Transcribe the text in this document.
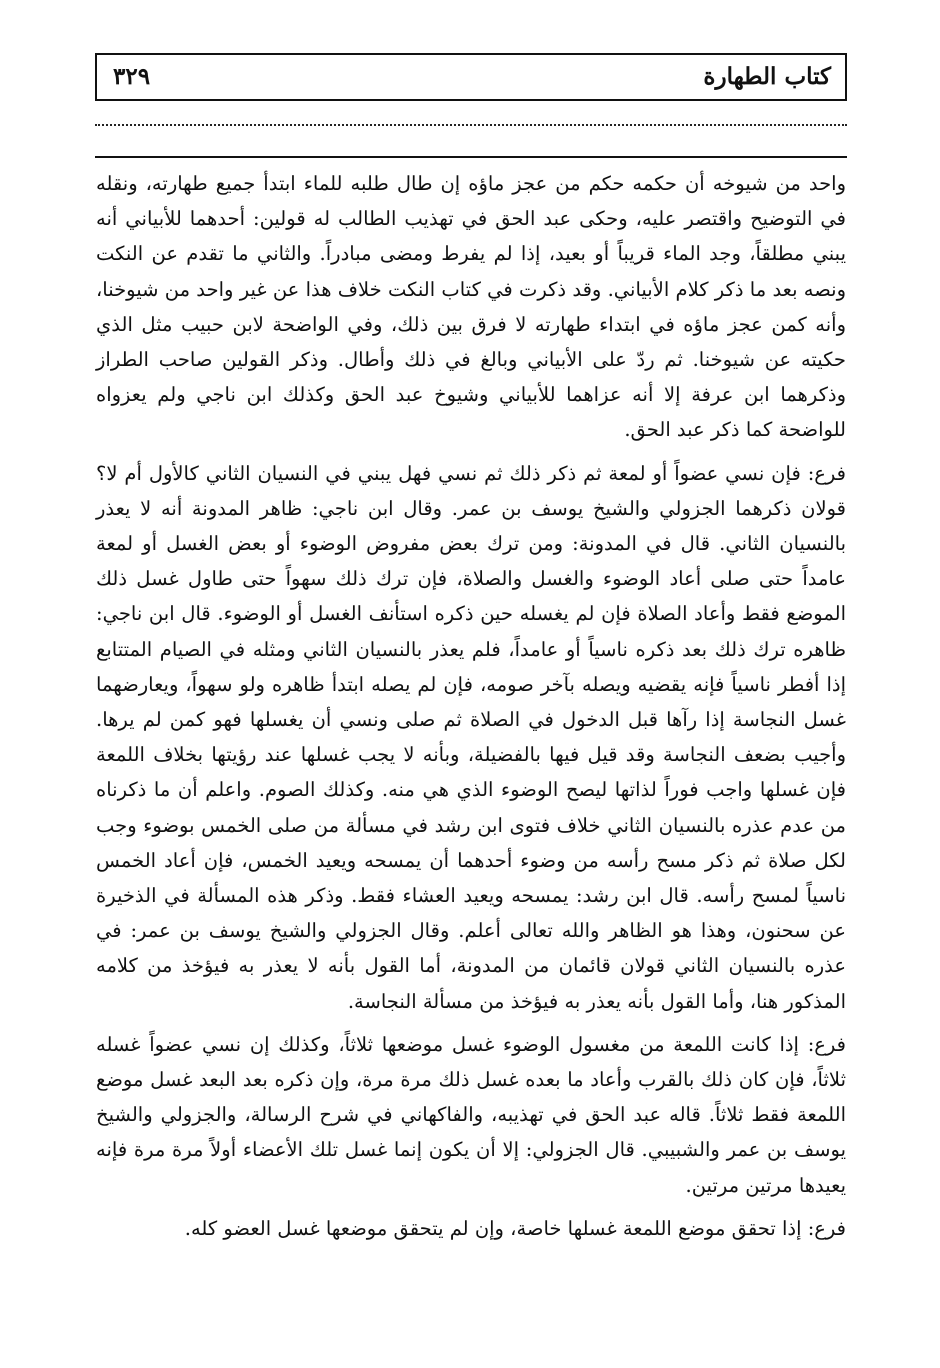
كتاب الطهارة
٣٢٩

واحد من شيوخه أن حكمه حكم من عجز ماؤه إن طال طلبه للماء ابتدأ جميع طهارته، ونقله في التوضيح واقتصر عليه، وحكى عبد الحق في تهذيب الطالب له قولين: أحدهما للأبياني أنه يبني مطلقاً، وجد الماء قريباً أو بعيد، إذا لم يفرط ومضى مبادراً. والثاني ما تقدم عن النكت ونصه بعد ما ذكر كلام الأبياني. وقد ذكرت في كتاب النكت خلاف هذا عن غير واحد من شيوخنا، وأنه كمن عجز ماؤه في ابتداء طهارته لا فرق بين ذلك، وفي الواضحة لابن حبيب مثل الذي حكيته عن شيوخنا. ثم ردّ على الأبياني وبالغ في ذلك وأطال. وذكر القولين صاحب الطراز وذكرهما ابن عرفة إلا أنه عزاهما للأبياني وشيوخ عبد الحق وكذلك ابن ناجي ولم يعزواه للواضحة كما ذكر عبد الحق.

فرع: فإن نسي عضواً أو لمعة ثم ذكر ذلك ثم نسي فهل يبني في النسيان الثاني كالأول أم لا؟ قولان ذكرهما الجزولي والشيخ يوسف بن عمر. وقال ابن ناجي: ظاهر المدونة أنه لا يعذر بالنسيان الثاني. قال في المدونة: ومن ترك بعض مفروض الوضوء أو بعض الغسل أو لمعة عامداً حتى صلى أعاد الوضوء والغسل والصلاة، فإن ترك ذلك سهواً حتى طاول غسل ذلك الموضع فقط وأعاد الصلاة فإن لم يغسله حين ذكره استأنف الغسل أو الوضوء. قال ابن ناجي: ظاهره ترك ذلك بعد ذكره ناسياً أو عامداً، فلم يعذر بالنسيان الثاني ومثله في الصيام المتتابع إذا أفطر ناسياً فإنه يقضيه ويصله بآخر صومه، فإن لم يصله ابتدأ ظاهره ولو سهواً، ويعارضهما غسل النجاسة إذا رآها قبل الدخول في الصلاة ثم صلى ونسي أن يغسلها فهو كمن لم يرها. وأجيب بضعف النجاسة وقد قيل فيها بالفضيلة، وبأنه لا يجب غسلها عند رؤيتها بخلاف اللمعة فإن غسلها واجب فوراً لذاتها ليصح الوضوء الذي هي منه. وكذلك الصوم. واعلم أن ما ذكرناه من عدم عذره بالنسيان الثاني خلاف فتوى ابن رشد في مسألة من صلى الخمس بوضوء وجب لكل صلاة ثم ذكر مسح رأسه من وضوء أحدهما أن يمسحه ويعيد الخمس، فإن أعاد الخمس ناسياً لمسح رأسه. قال ابن رشد: يمسحه ويعيد العشاء فقط. وذكر هذه المسألة في الذخيرة عن سحنون، وهذا هو الظاهر والله تعالى أعلم. وقال الجزولي والشيخ يوسف بن عمر: في عذره بالنسيان الثاني قولان قائمان من المدونة، أما القول بأنه لا يعذر به فيؤخذ من كلامه المذكور هنا، وأما القول بأنه يعذر به فيؤخذ من مسألة النجاسة.

فرع: إذا كانت اللمعة من مغسول الوضوء غسل موضعها ثلاثاً، وكذلك إن نسي عضواً غسله ثلاثاً، فإن كان ذلك بالقرب وأعاد ما بعده غسل ذلك مرة مرة، وإن ذكره بعد البعد غسل موضع اللمعة فقط ثلاثاً. قاله عبد الحق في تهذيبه، والفاكهاني في شرح الرسالة، والجزولي والشيخ يوسف بن عمر والشبيبي. قال الجزولي: إلا أن يكون إنما غسل تلك الأعضاء أولاً مرة مرة فإنه يعيدها مرتين مرتين.

فرع: إذا تحقق موضع اللمعة غسلها خاصة، وإن لم يتحقق موضعها غسل العضو كله.
